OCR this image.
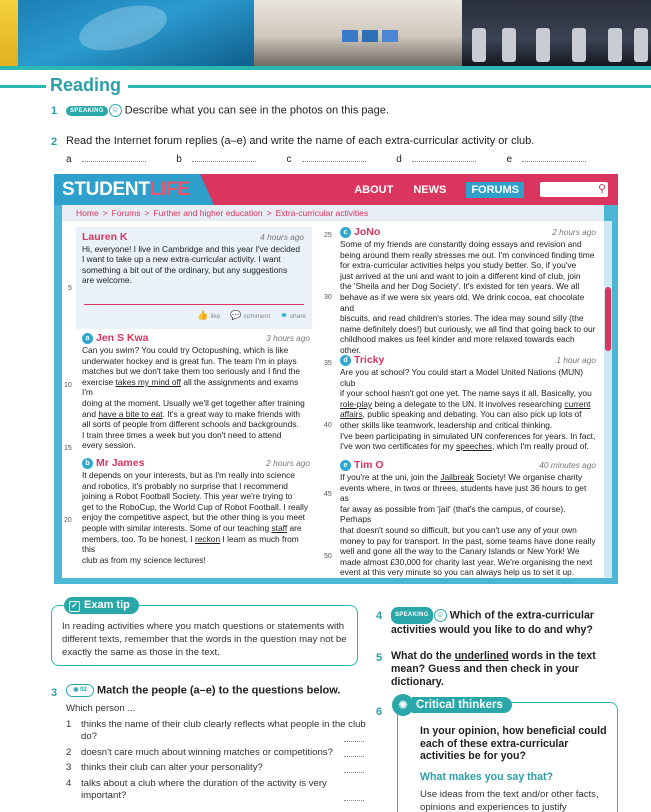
Reading
1	SPEAKING ☺ Describe what you can see in the photos on this page.
2 Read the Internet forum replies (a–e) and write the name of each extra-curricular activity or club.
a	b	c	d	e
STUDENTLIFE	ABOUT NEWS	FORUMS	⚲
Home > Forums > Further and higher education > Extra-curricular activities
Lauren K	4 hours ago
Hi, everyone! I live in Cambridge and this year I've decided
I want to take up a new extra-curricular activity. I want
something a bit out of the ordinary, but any suggestions
are welcome.
👍 like 💬 comment ⚭ share
a Jen S Kwa	3 hours ago
Can you swim? You could try Octopushing, which is like
underwater hockey and is great fun. The team I'm in plays
matches but we don't take them too seriously and I find the
exercise takes my mind off all the assignments and exams I'm
doing at the moment. Usually we'll get together after training
and have a bite to eat. It's a great way to make friends with
all sorts of people from different schools and backgrounds.
I train three times a week but you don't need to attend
every session.
b Mr James	2 hours ago
It depends on your interests, but as I'm really into science
and robotics, it's probably no surprise that I recommend
joining a Robot Football Society. This year we're trying to
get to the RoboCup, the World Cup of Robot Football. I really
enjoy the competitive aspect, but the other thing is you meet
people with similar interests. Some of our teaching staff are
members, too. To be honest, I reckon I learn as much from this
club as from my science lectures!
c JoNo	2 hours ago
Some of my friends are constantly doing essays and revision and
being around them really stresses me out. I'm convinced finding time
for extra-curricular activities helps you study better. So, if you've
just arrived at the uni and want to join a different kind of club, join
the 'Sheila and her Dog Society'. It's existed for ten years. We all
behave as if we were six years old. We drink cocoa, eat chocolate and
biscuits, and read children's stories. The idea may sound silly (the
name definitely does!) but curiously, we all find that going back to our
childhood makes us feel kinder and more relaxed towards each other.
d Tricky	1 hour ago
Are you at school? You could start a Model United Nations (MUN) club
if your school hasn't got one yet. The name says it all. Basically, you
role-play being a delegate to the UN. It involves researching current
affairs, public speaking and debating. You can also pick up lots of
other skills like teamwork, leadership and critical thinking.
I've been participating in simulated UN conferences for years. In fact,
I've won two certificates for my speeches, which I'm really proud of.
e Tim O	40 minutes ago
If you're at the uni, join the Jailbreak Society! We organise charity
events where, in twos or threes, students have just 36 hours to get as
far away as possible from 'jail' (that's the campus, of course). Perhaps
that doesn't sound so difficult, but you can't use any of your own
money to pay for transport. In the past, some teams have done really
well and gone all the way to the Canary Islands or New York! We
made almost £30,000 for charity last year. We're organising the next
event at this very minute so you can always help us to set it up.
5
10
15
20
25
30
35
40
45
50
In reading activities where you match questions or statements with different texts, remember that the words in the question may not be exactly the same as those in the text.
✓ Exam tip
3	◉ 02 Match the people (a–e) to the questions below.
Which person ...
1 thinks the name of their club clearly reflects what people in the club do?
2 doesn't care much about winning matches or competitions?
3 thinks their club can alter your personality?
4 talks about a club where the duration of the activity is very important?
4	SPEAKING ☺ Which of the extra-curricular activities would you like to do and why?
5 What do the underlined words in the text mean? Guess and then check in your dictionary.
6
In your opinion, how beneficial could each of these extra-curricular activities be for you?
What makes you say that?
Use ideas from the text and/or other facts, opinions and experiences to justify
✺ Critical thinkers
